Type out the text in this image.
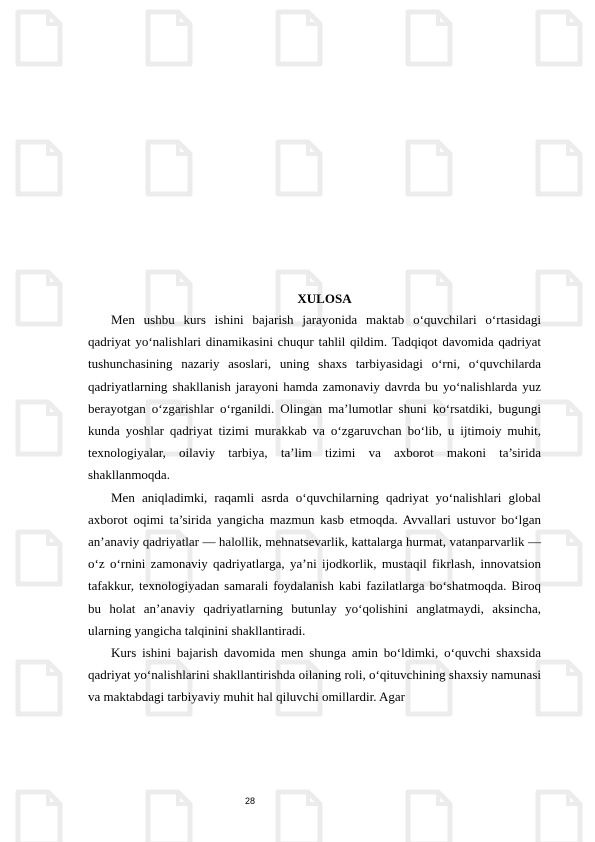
XULOSA

Men ushbu kurs ishini bajarish jarayonida maktab o‘quvchilari o‘rtasidagi qadriyat yo‘nalishlari dinamikasini chuqur tahlil qildim. Tadqiqot davomida qadriyat tushunchasining nazariy asoslari, uning shaxs tarbiyasidagi o‘rni, o‘quvchilarda qadriyatlarning shakllanish jarayoni hamda zamonaviy davrda bu yo‘nalishlarda yuz berayotgan o‘zgarishlar o‘rganildi. Olingan ma’lumotlar shuni ko‘rsatdiki, bugungi kunda yoshlar qadriyat tizimi murakkab va o‘zgaruvchan bo‘lib, u ijtimoiy muhit, texnologiyalar, oilaviy tarbiya, ta’lim tizimi va axborot makoni ta’sirida shakllanmoqda.

Men aniqladimki, raqamli asrda o‘quvchilarning qadriyat yo‘nalishlari global axborot oqimi ta’sirida yangicha mazmun kasb etmoqda. Avvallari ustuvor bo‘lgan an’anaviy qadriyatlar — halollik, mehnatsevarlik, kattalarga hurmat, vatanparvarlik — o‘z o‘rnini zamonaviy qadriyatlarga, ya’ni ijodkorlik, mustaqil fikrlash, innovatsion tafakkur, texnologiyadan samarali foydalanish kabi fazilatlarga bo‘shatmoqda. Biroq bu holat an’anaviy qadriyatlarning butunlay yo‘qolishini anglatmaydi, aksincha, ularning yangicha talqinini shakllantiradi.

Kurs ishini bajarish davomida men shunga amin bo‘ldimki, o‘quvchi shaxsida qadriyat yo‘nalishlarini shakllantirishda oilaning roli, o‘qituvchining shaxsiy namunasi va maktabdagi tarbiyaviy muhit hal qiluvchi omillardir. Agar

28
